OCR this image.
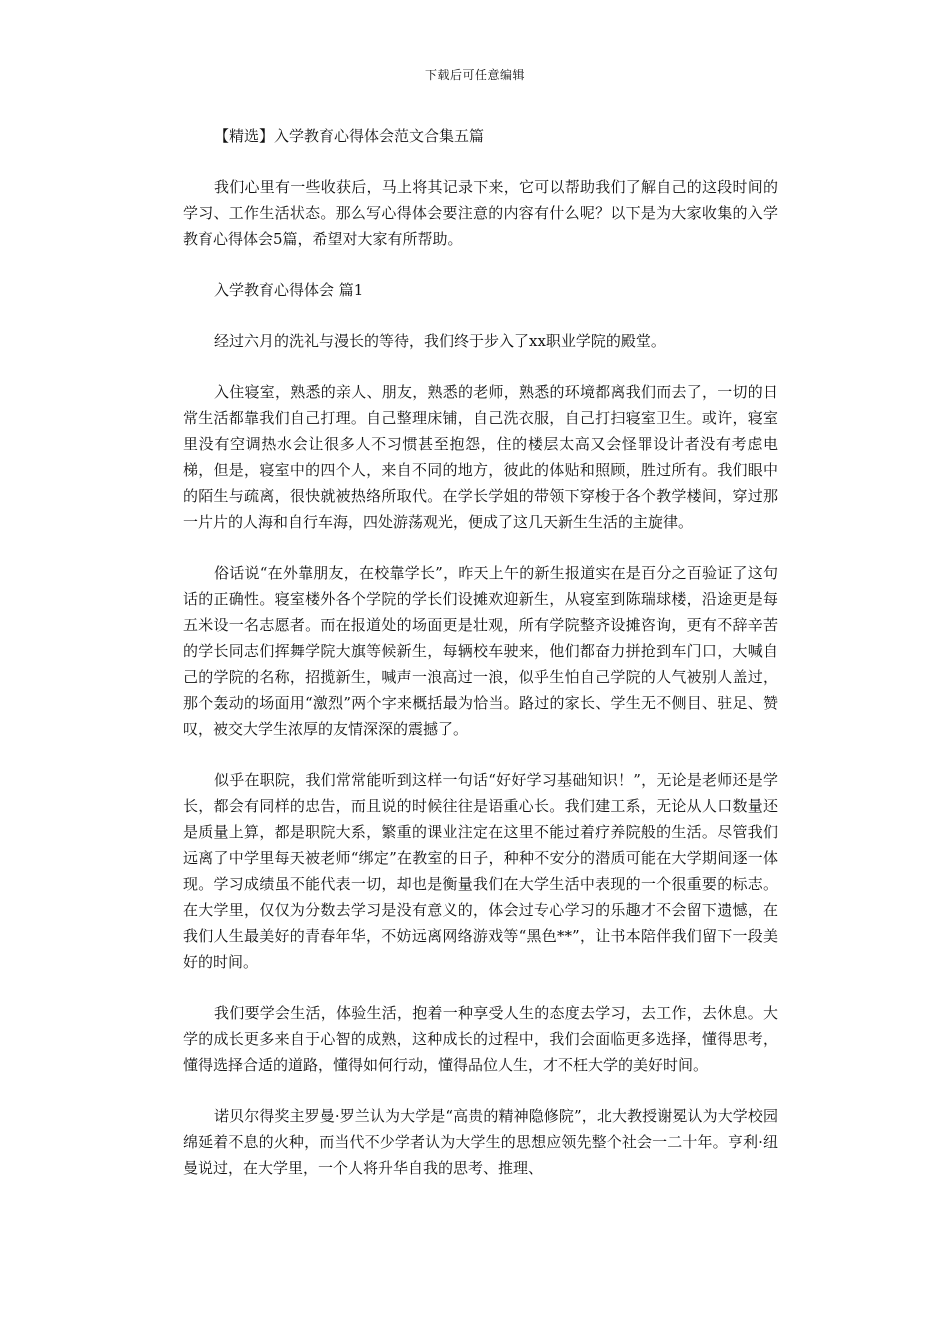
下载后可任意编辑
【精选】入学教育心得体会范文合集五篇

我们心里有一些收获后，马上将其记录下来，它可以帮助我们了解自己的这段时间的学习、工作生活状态。那么写心得体会要注意的内容有什么呢？以下是为大家收集的入学教育心得体会5篇，希望对大家有所帮助。

入学教育心得体会 篇1

经过六月的洗礼与漫长的等待，我们终于步入了xx职业学院的殿堂。

入住寝室，熟悉的亲人、朋友，熟悉的老师，熟悉的环境都离我们而去了，一切的日常生活都靠我们自己打理。自己整理床铺，自己洗衣服，自己打扫寝室卫生。或许，寝室里没有空调热水会让很多人不习惯甚至抱怨，住的楼层太高又会怪罪设计者没有考虑电梯，但是，寝室中的四个人，来自不同的地方，彼此的体贴和照顾，胜过所有。我们眼中的陌生与疏离，很快就被热络所取代。在学长学姐的带领下穿梭于各个教学楼间，穿过那一片片的人海和自行车海，四处游荡观光，便成了这几天新生生活的主旋律。

俗话说“在外靠朋友，在校靠学长”，昨天上午的新生报道实在是百分之百验证了这句话的正确性。寝室楼外各个学院的学长们设摊欢迎新生，从寝室到陈瑞球楼，沿途更是每五米设一名志愿者。而在报道处的场面更是壮观，所有学院整齐设摊咨询，更有不辞辛苦的学长同志们挥舞学院大旗等候新生，每辆校车驶来，他们都奋力拼抢到车门口，大喊自己的学院的名称，招揽新生，喊声一浪高过一浪，似乎生怕自己学院的人气被别人盖过，那个轰动的场面用“激烈”两个字来概括最为恰当。路过的家长、学生无不侧目、驻足、赞叹，被交大学生浓厚的友情深深的震撼了。

似乎在职院，我们常常能听到这样一句话“好好学习基础知识！”，无论是老师还是学长，都会有同样的忠告，而且说的时候往往是语重心长。我们建工系，无论从人口数量还是质量上算，都是职院大系，繁重的课业注定在这里不能过着疗养院般的生活。尽管我们远离了中学里每天被老师“绑定”在教室的日子，种种不安分的潜质可能在大学期间逐一体现。学习成绩虽不能代表一切，却也是衡量我们在大学生活中表现的一个很重要的标志。在大学里，仅仅为分数去学习是没有意义的，体会过专心学习的乐趣才不会留下遗憾，在我们人生最美好的青春年华，不妨远离网络游戏等“黑色**”，让书本陪伴我们留下一段美好的时间。

我们要学会生活，体验生活，抱着一种享受人生的态度去学习，去工作，去休息。大学的成长更多来自于心智的成熟，这种成长的过程中，我们会面临更多选择，懂得思考，懂得选择合适的道路，懂得如何行动，懂得品位人生，才不枉大学的美好时间。

诺贝尔得奖主罗曼·罗兰认为大学是“高贵的精神隐修院”，北大教授谢冕认为大学校园绵延着不息的火种，而当代不少学者认为大学生的思想应领先整个社会一二十年。亨利·纽曼说过，在大学里，一个人将升华自我的思考、推理、
